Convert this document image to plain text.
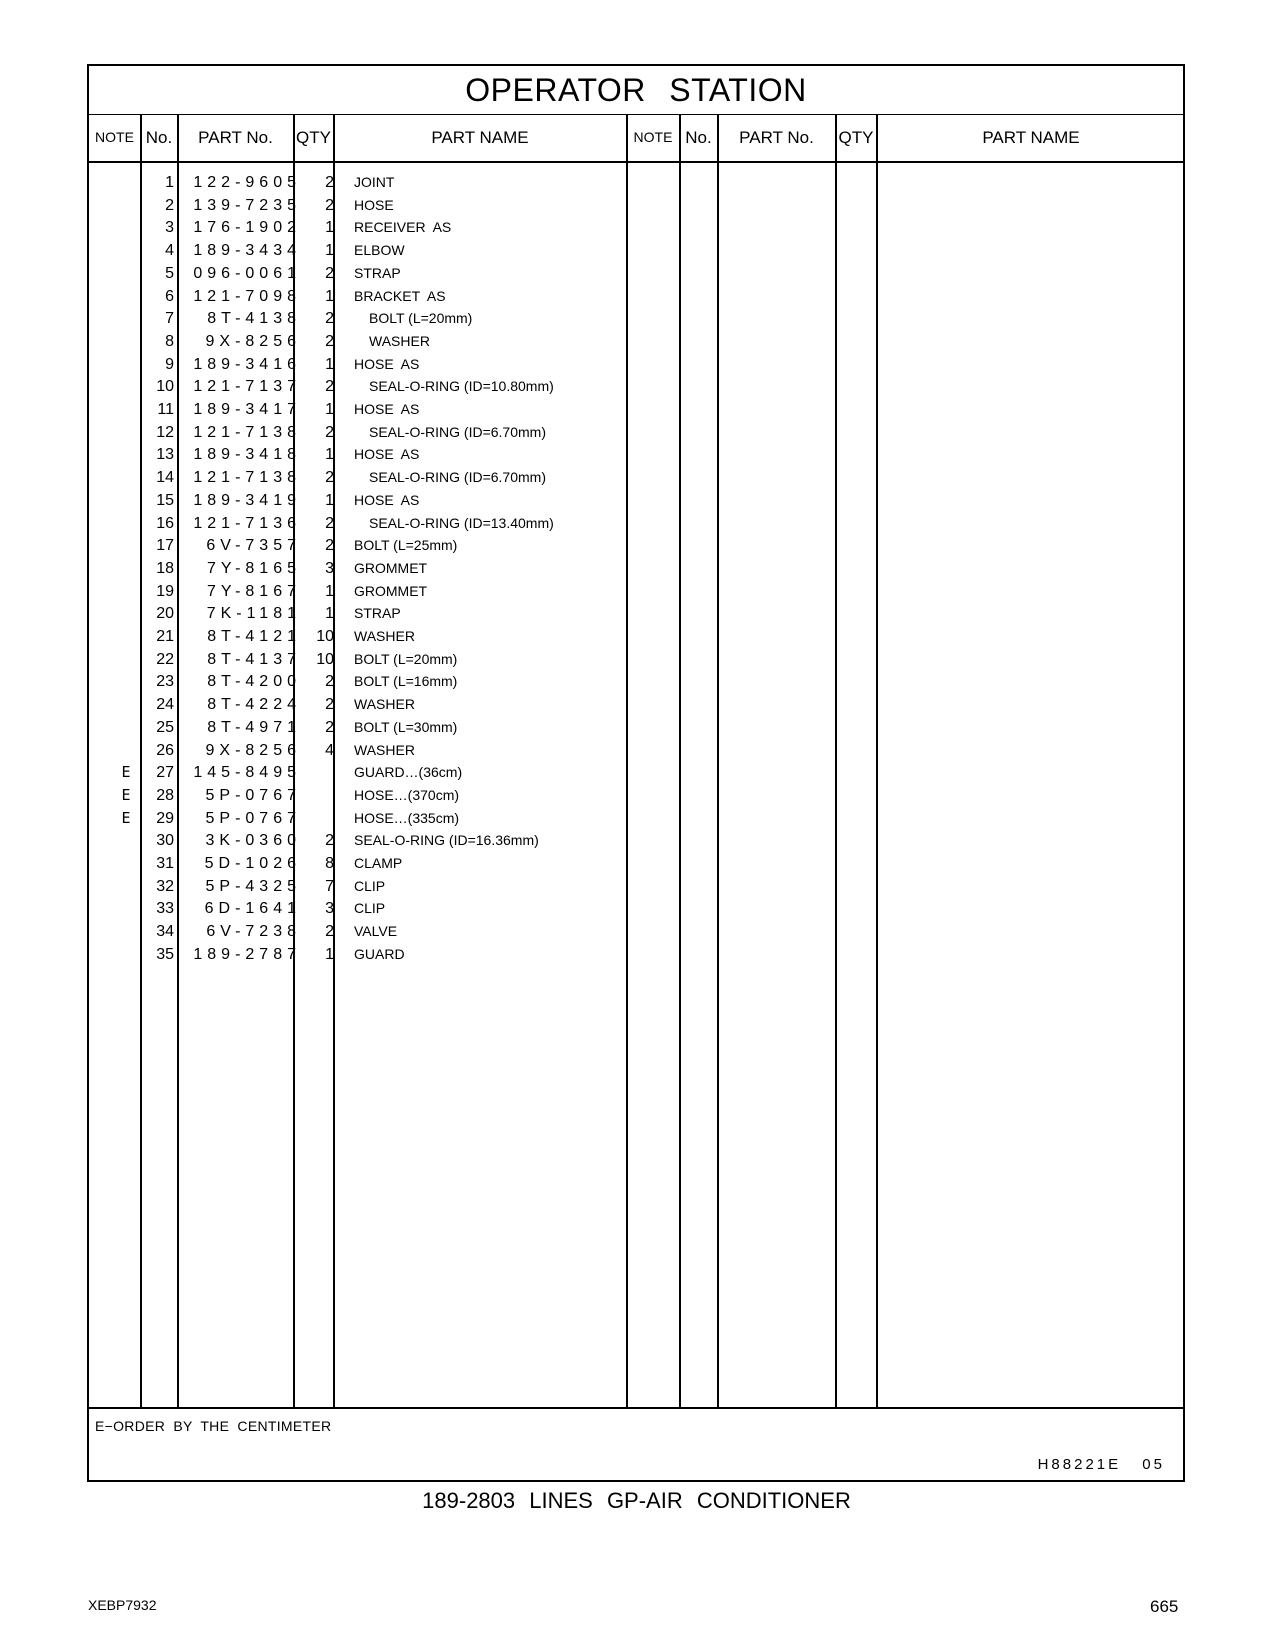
OPERATOR STATION
NOTE No.	PART No.	QTY	PART NAME	NOTE No.	PART No.	QTY	PART NAME
1 122-9605	2 JOINT
2 139-7235	2 HOSE
3 176-1902	1 RECEIVER  AS
4 189-3434	1 ELBOW
5 096-0061	2 STRAP
6 121-7098	1 BRACKET  AS
7	8T-4138	2	BOLT (L=20mm)
8	9X-8256	2	WASHER
9 189-3416	1 HOSE  AS
10 121-7137	2	SEAL-O-RING (ID=10.80mm)
11 189-3417	1 HOSE  AS
12 121-7138	2	SEAL-O-RING (ID=6.70mm)
13 189-3418	1 HOSE  AS
14 121-7138	2	SEAL-O-RING (ID=6.70mm)
15 189-3419	1 HOSE  AS
16 121-7136	2	SEAL-O-RING (ID=13.40mm)
17	6V-7357	2 BOLT (L=25mm)
18	7Y-8165	3 GROMMET
19	7Y-8167	1 GROMMET
20	7K-1181	1 STRAP
21	8T-4121 10 WASHER
22	8T-4137 10 BOLT (L=20mm)
23	8T-4200	2 BOLT (L=16mm)
24	8T-4224	2 WASHER
25	8T-4971	2 BOLT (L=30mm)
26	9X-8256	4 WASHER
E	27 145-8495	GUARD…(36cm)
E	28	5P-0767	HOSE…(370cm)
E	29	5P-0767	HOSE…(335cm)
30	3K-0360	2 SEAL-O-RING (ID=16.36mm)
31	5D-1026	8 CLAMP
32	5P-4325	7 CLIP
33	6D-1641	3 CLIP
34	6V-7238	2 VALVE
35 189-2787	1 GUARD
E−ORDER BY THE CENTIMETER
H88221E 05
189-2803 LINES GP-AIR CONDITIONER
XEBP7932	665
